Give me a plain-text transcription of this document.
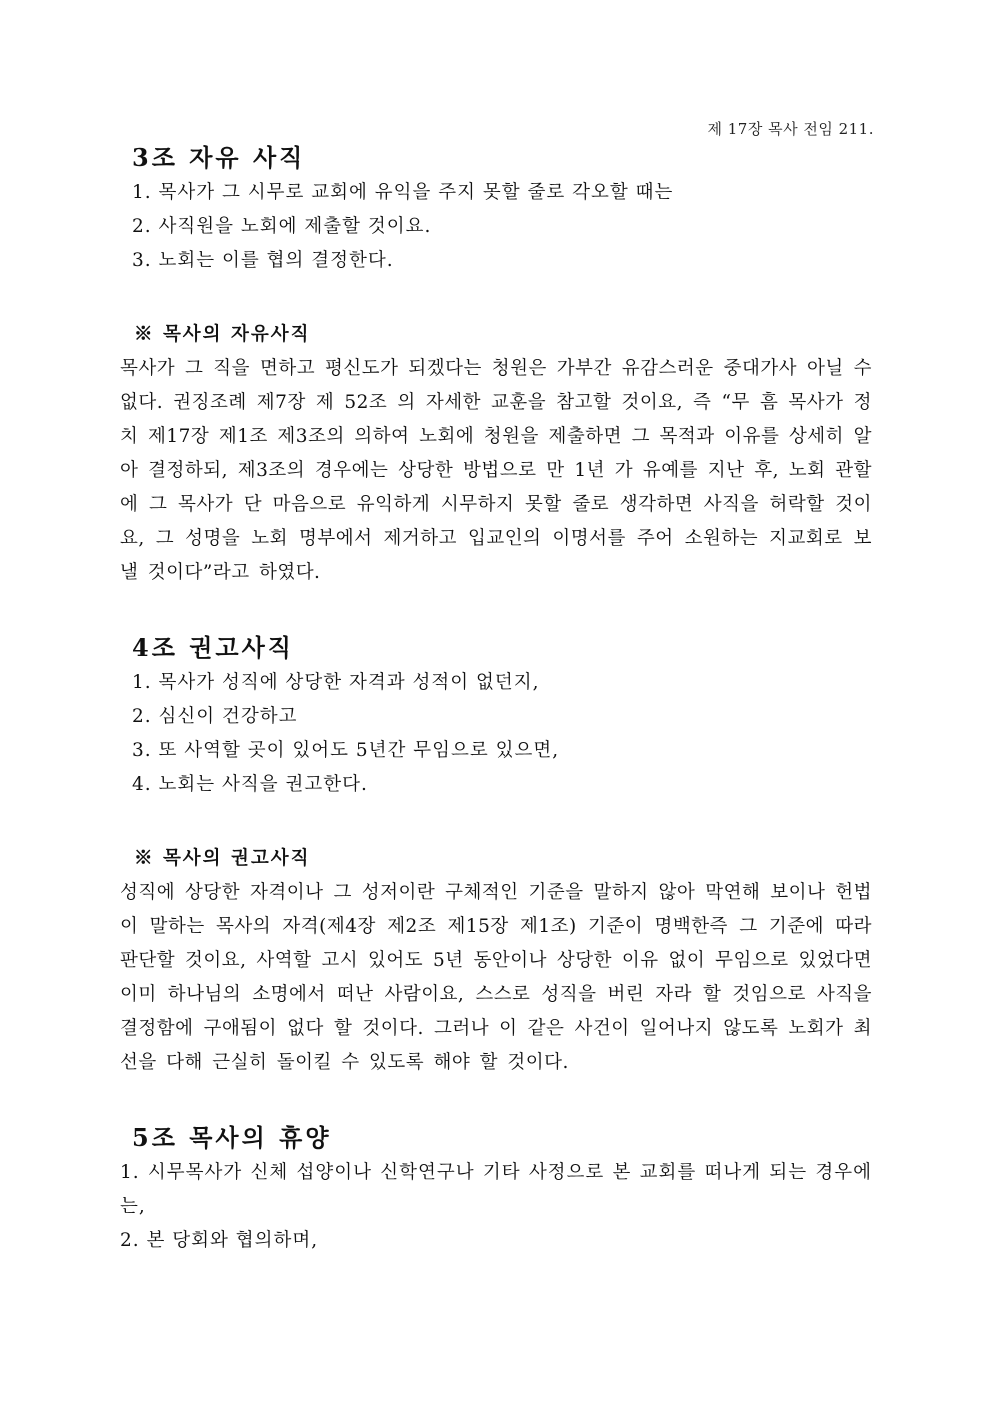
제 17장 목사 전임 211.
3조 자유 사직
1. 목사가 그 시무로 교회에 유익을 주지 못할 줄로 각오할 때는
2. 사직원을 노회에 제출할 것이요.
3. 노회는 이를 협의 결정한다.
※ 목사의 자유사직

목사가 그 직을 면하고 평신도가 되겠다는 청원은 가부간 유감스러운 중대가사 아닐 수 없다. 권징조례 제7장 제 52조 의 자세한 교훈을 참고할 것이요, 즉 “무 흠 목사가 정치 제17장 제1조 제3조의 의하여 노회에 청원을 제출하면 그 목적과 이유를 상세히 알아 결정하되, 제3조의 경우에는 상당한 방법으로 만 1년 가 유예를 지난 후, 노회 관할에 그 목사가 단 마음으로 유익하게 시무하지 못할 줄로 생각하면 사직을 허락할 것이요, 그 성명을 노회 명부에서 제거하고 입교인의 이명서를 주어 소원하는 지교회로 보낼 것이다”라고 하였다.

4조 권고사직
1. 목사가 성직에 상당한 자격과 성적이 없던지,
2. 심신이 건강하고
3. 또 사역할 곳이 있어도 5년간 무임으로 있으면,
4. 노회는 사직을 권고한다.
※ 목사의 권고사직

성직에 상당한 자격이나 그 성저이란 구체적인 기준을 말하지 않아 막연해 보이나 헌법이 말하는 목사의 자격(제4장 제2조 제15장 제1조) 기준이 명백한즉 그 기준에 따라 판단할 것이요, 사역할 고시 있어도 5년 동안이나 상당한 이유 없이 무임으로 있었다면 이미 하나님의 소명에서 떠난 사람이요, 스스로 성직을 버린 자라 할 것임으로 사직을 결정함에 구애됨이 없다 할 것이다. 그러나 이 같은 사건이 일어나지 않도록 노회가 최선을 다해 근실히 돌이킬 수 있도록 해야 할 것이다.

5조 목사의 휴양
1. 시무목사가 신체 섭양이나 신학연구나 기타 사정으로 본 교회를 떠나게 되는 경우에는,
2. 본 당회와 협의하며,
